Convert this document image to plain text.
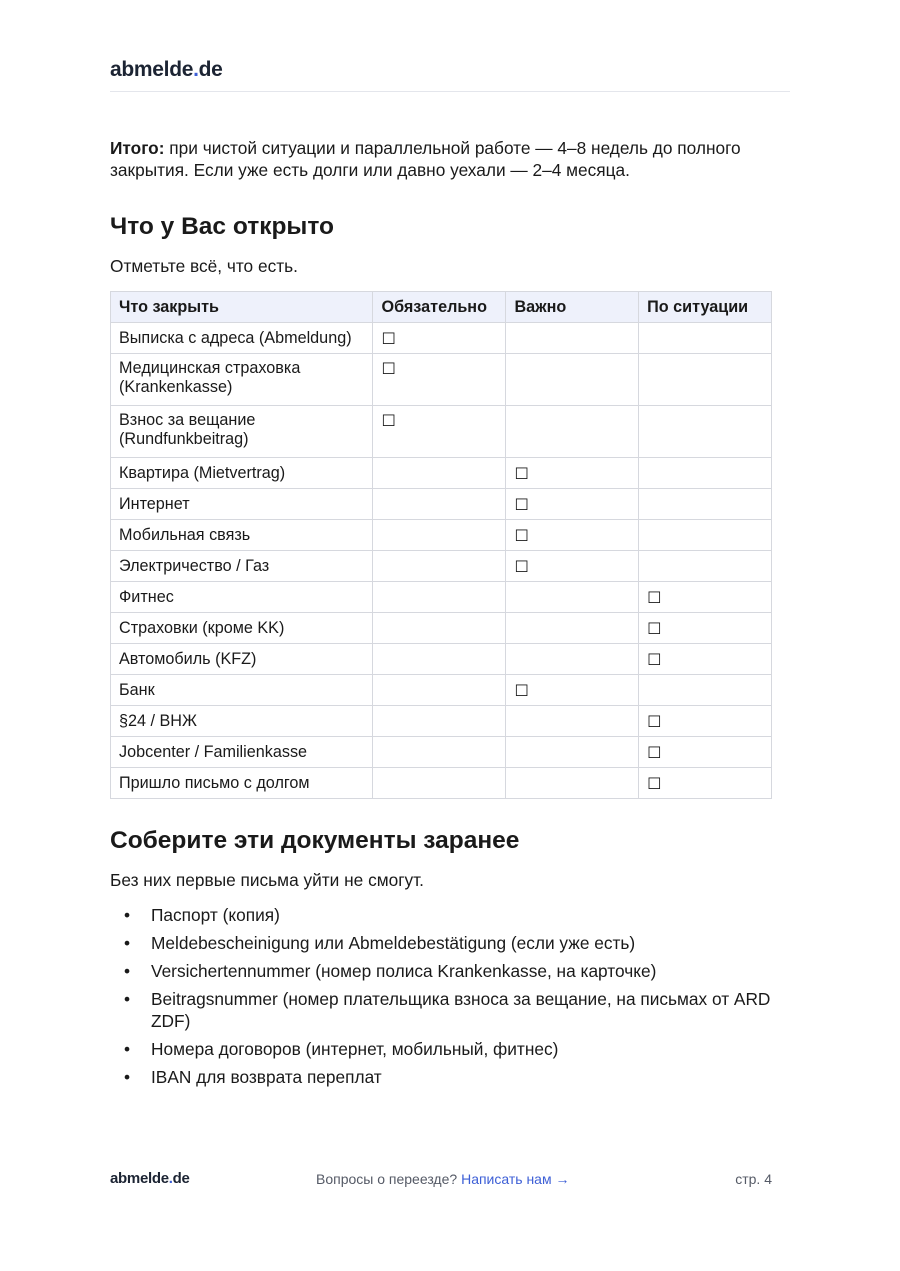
abmelde.de

Итого: при чистой ситуации и параллельной работе — 4–8 недель до полного закрытия. Если уже есть долги или давно уехали — 2–4 месяца.

Что у Вас открыто

Отметьте всё, что есть.

Что закрыть	Обязательно	Важно	По ситуации
Выписка с адреса (Abmeldung)	☐		
Медицинская страховка (Krankenkasse)	☐		
Взнос за вещание (Rundfunkbeitrag)	☐		
Квартира (Mietvertrag)		☐	
Интернет		☐	
Мобильная связь		☐	
Электричество / Газ		☐	
Фитнес			☐
Страховки (кроме KK)			☐
Автомобиль (KFZ)			☐
Банк		☐	
§24 / ВНЖ			☐
Jobcenter / Familienkasse			☐
Пришло письмо с долгом			☐
Соберите эти документы заранее

Без них первые письма уйти не смогут.

• Паспорт (копия)
• Meldebescheinigung или Abmeldebestätigung (если уже есть)
• Versichertennummer (номер полиса Krankenkasse, на карточке)
• Beitragsnummer (номер плательщика взноса за вещание, на письмах от ARD ZDF)
• Номера договоров (интернет, мобильный, фитнес)
• IBAN для возврата переплат
abmelde.de	Вопросы о переезде? Написать нам →	стр. 4
